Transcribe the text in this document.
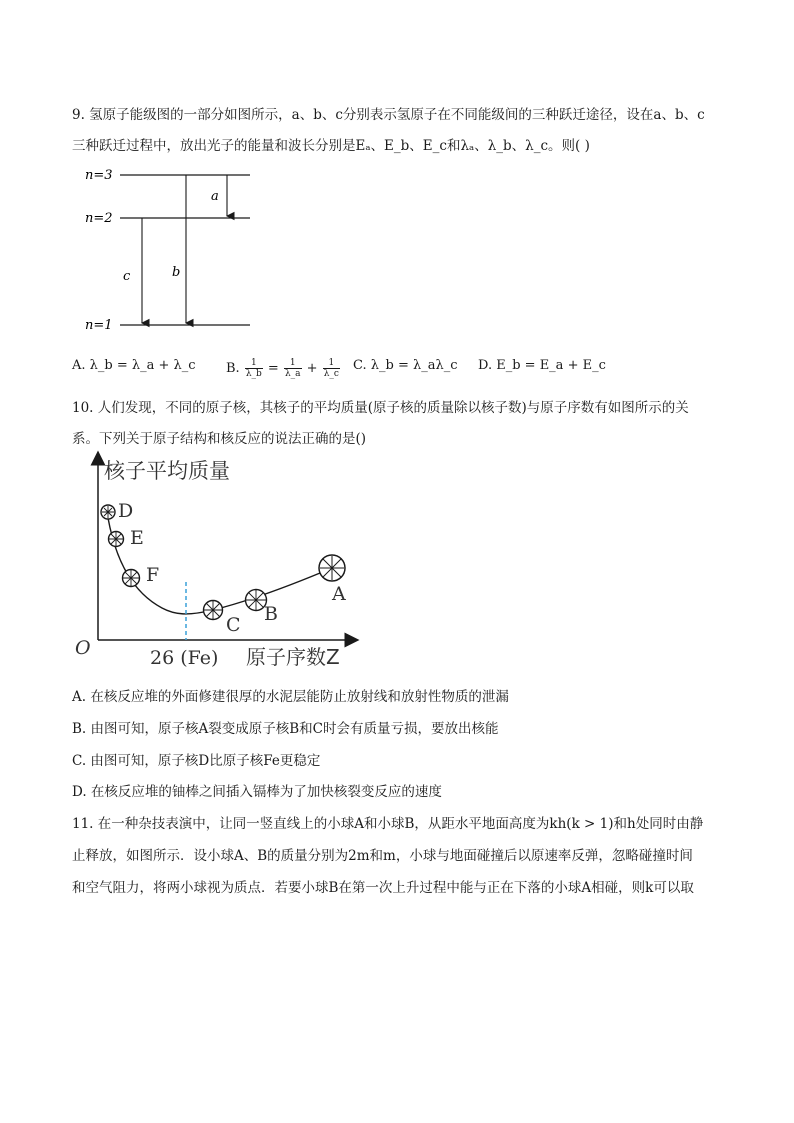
9. 氢原子能级图的一部分如图所示，a、b、c分别表示氢原子在不同能级间的三种跃迁途径，设在a、b、c
三种跃迁过程中，放出光子的能量和波长分别是Eₐ、E_b、E_c和λₐ、λ_b、λ_c。则( )
n=3
n=2
n=1
a
b
c
A. λ_b = λ_a + λ_c B. $\frac{1}{\lambda\_b} = \frac{1}{\lambda\_a} + \frac{1}{\lambda\_c} C$. λ_b = λ_aλ_c D. E_b = E_a + E_c
10. 人们发现，不同的原子核，其核子的平均质量(原子核的质量除以核子数)与原子序数有如图所示的关
系。下列关于原子结构和核反应的说法正确的是()
核子平均质量
原子序数Z
O	26 (Fe)
D
E
F
C B
A
A. 在核反应堆的外面修建很厚的水泥层能防止放射线和放射性物质的泄漏
B. 由图可知，原子核A裂变成原子核B和C时会有质量亏损，要放出核能
C. 由图可知，原子核D比原子核Fe更稳定
D. 在核反应堆的铀棒之间插入镉棒为了加快核裂变反应的速度
11. 在一种杂技表演中，让同一竖直线上的小球A和小球B，从距水平地面高度为kh(k > 1)和h处同时由静
止释放，如图所示．设小球A、B的质量分别为2m和m，小球与地面碰撞后以原速率反弹，忽略碰撞时间
和空气阻力，将两小球视为质点．若要小球B在第一次上升过程中能与正在下落的小球A相碰，则k可以取
